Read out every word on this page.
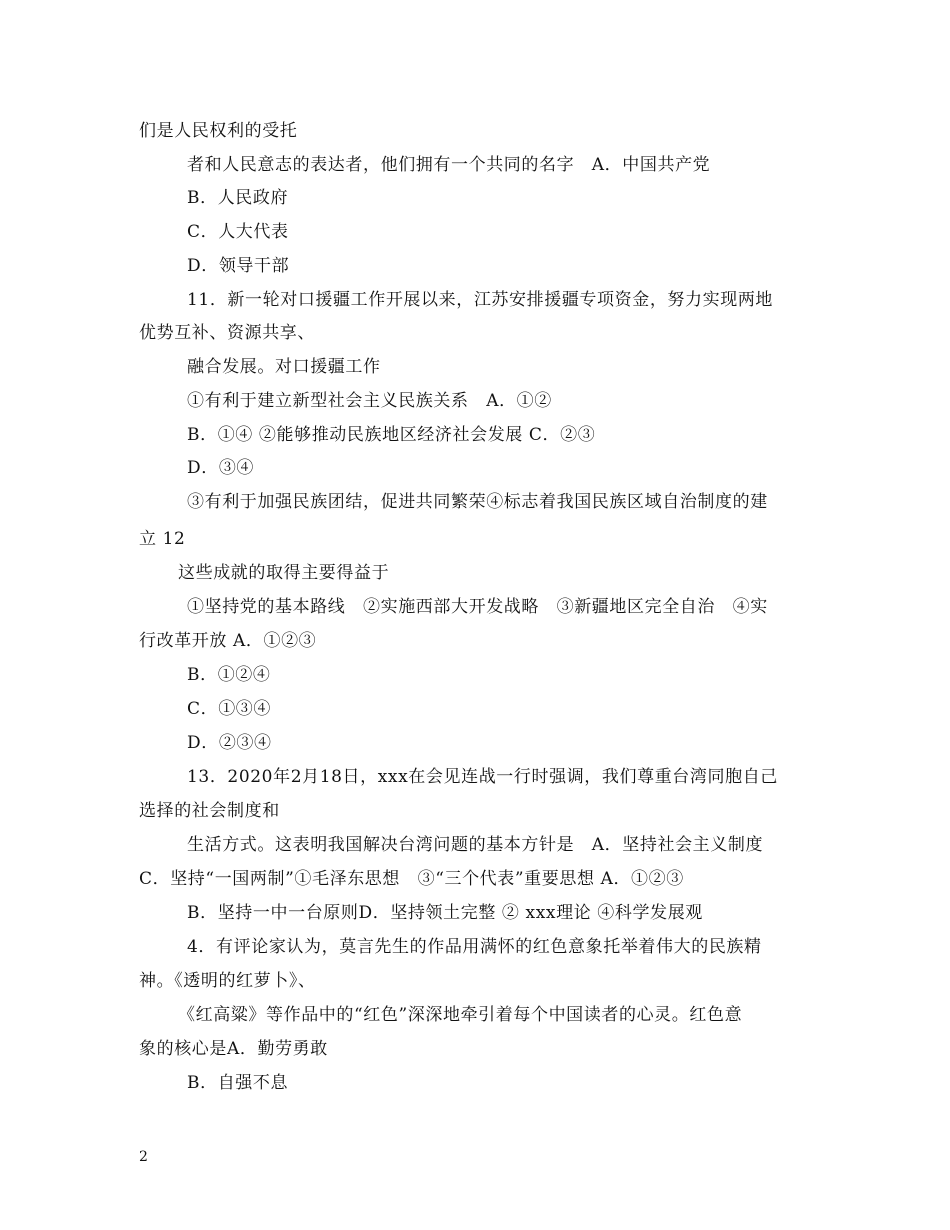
们是人民权利的受托
者和人民意志的表达者，他们拥有一个共同的名字　A．中国共产党
B．人民政府
C．人大代表
D．领导干部
11．新一轮对口援疆工作开展以来，江苏安排援疆专项资金，努力实现两地
优势互补、资源共享、
融合发展。对口援疆工作
①有利于建立新型社会主义民族关系　A．①②
B．①④ ②能够推动民族地区经济社会发展 C．②③
D．③④
③有利于加强民族团结，促进共同繁荣④标志着我国民族区域自治制度的建
立 12
这些成就的取得主要得益于
①坚持党的基本路线　②实施西部大开发战略　③新疆地区完全自治　④实
行改革开放 A．①②③
B．①②④
C．①③④
D．②③④
13．2020年2月18日，xxx在会见连战一行时强调，我们尊重台湾同胞自己
选择的社会制度和
生活方式。这表明我国解决台湾问题的基本方针是　A．坚持社会主义制度
C．坚持“一国两制”①毛泽东思想　③“三个代表”重要思想 A．①②③
B．坚持一中一台原则D．坚持领土完整 ② xxx理论 ④科学发展观
4．有评论家认为，莫言先生的作品用满怀的红色意象托举着伟大的民族精
神。《透明的红萝卜》、
《红高粱》等作品中的“红色”深深地牵引着每个中国读者的心灵。红色意
象的核心是A．勤劳勇敢
B．自强不息
2
